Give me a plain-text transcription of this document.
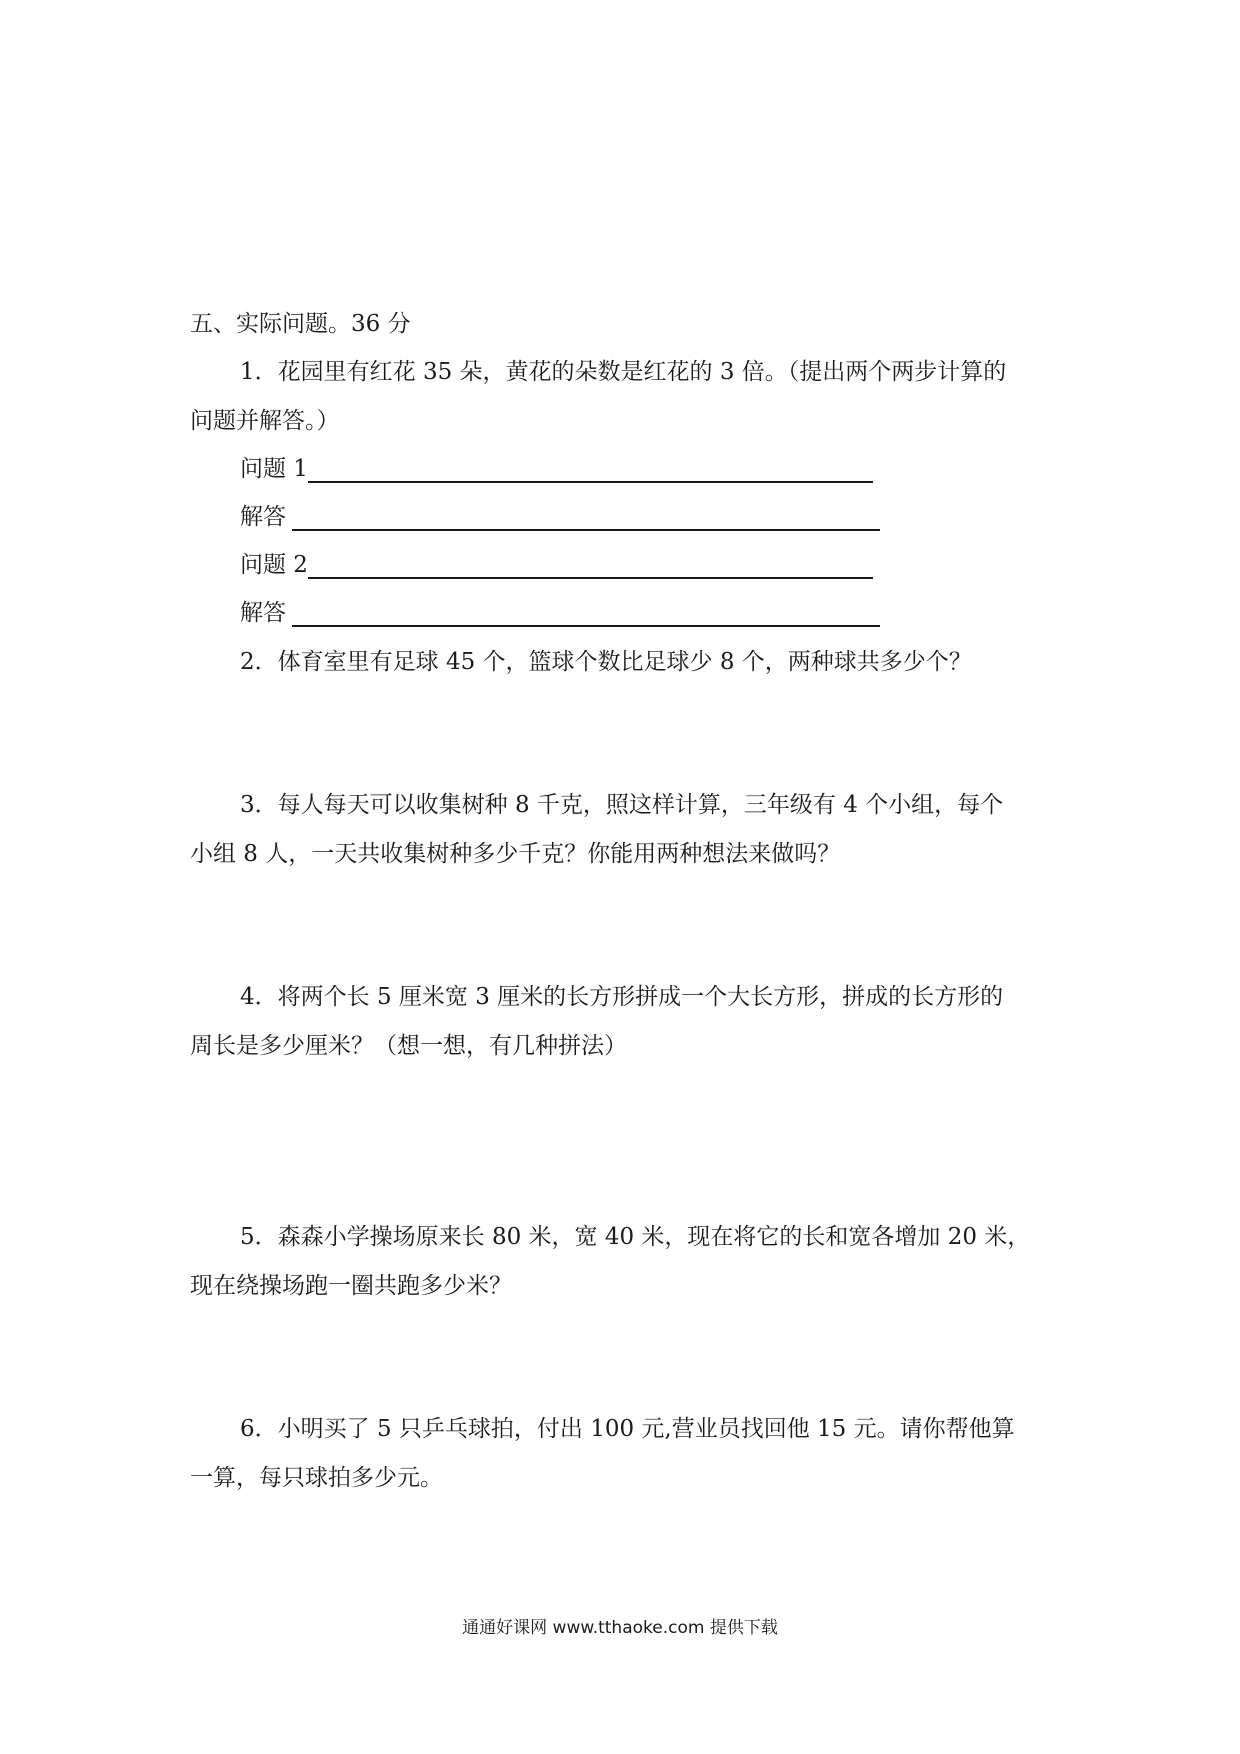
五、实际问题。36 分
1．花园里有红花 35 朵，黄花的朵数是红花的 3 倍。（提出两个两步计算的
问题并解答。）
问题 1
解答
问题 2
解答
2．体育室里有足球 45 个，篮球个数比足球少 8 个，两种球共多少个？
3．每人每天可以收集树种 8 千克，照这样计算，三年级有 4 个小组，每个
小组 8 人，一天共收集树种多少千克？你能用两种想法来做吗？
4．将两个长 5 厘米宽 3 厘米的长方形拼成一个大长方形，拼成的长方形的
周长是多少厘米？（想一想，有几种拼法）
5．森森小学操场原来长 80 米，宽 40 米，现在将它的长和宽各增加 20 米，
现在绕操场跑一圈共跑多少米？
6．小明买了 5 只乒乓球拍，付出 100 元,营业员找回他 15 元。请你帮他算
一算，每只球拍多少元。
通通好课网 www.tthaoke.com 提供下载
